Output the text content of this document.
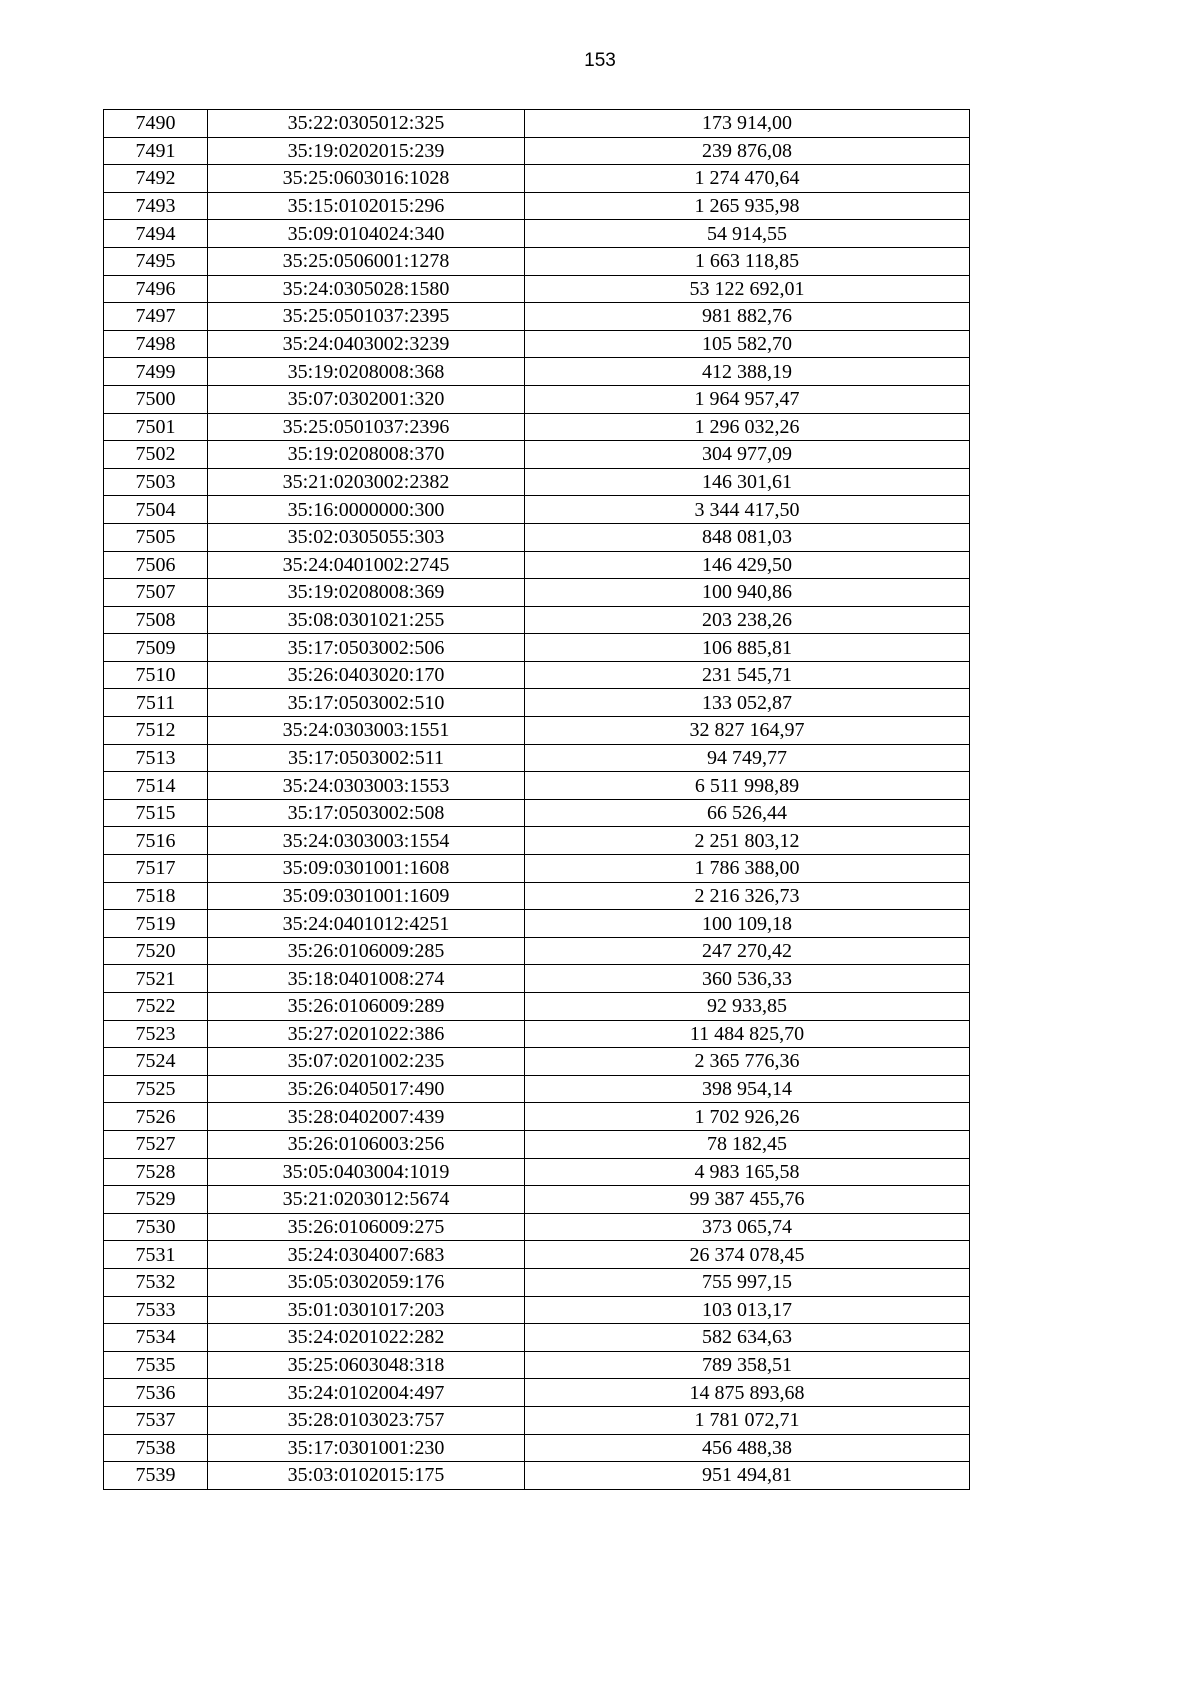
153
7490	35:22:0305012:325	173 914,00
7491	35:19:0202015:239	239 876,08
7492	35:25:0603016:1028	1 274 470,64
7493	35:15:0102015:296	1 265 935,98
7494	35:09:0104024:340	54 914,55
7495	35:25:0506001:1278	1 663 118,85
7496	35:24:0305028:1580	53 122 692,01
7497	35:25:0501037:2395	981 882,76
7498	35:24:0403002:3239	105 582,70
7499	35:19:0208008:368	412 388,19
7500	35:07:0302001:320	1 964 957,47
7501	35:25:0501037:2396	1 296 032,26
7502	35:19:0208008:370	304 977,09
7503	35:21:0203002:2382	146 301,61
7504	35:16:0000000:300	3 344 417,50
7505	35:02:0305055:303	848 081,03
7506	35:24:0401002:2745	146 429,50
7507	35:19:0208008:369	100 940,86
7508	35:08:0301021:255	203 238,26
7509	35:17:0503002:506	106 885,81
7510	35:26:0403020:170	231 545,71
7511	35:17:0503002:510	133 052,87
7512	35:24:0303003:1551	32 827 164,97
7513	35:17:0503002:511	94 749,77
7514	35:24:0303003:1553	6 511 998,89
7515	35:17:0503002:508	66 526,44
7516	35:24:0303003:1554	2 251 803,12
7517	35:09:0301001:1608	1 786 388,00
7518	35:09:0301001:1609	2 216 326,73
7519	35:24:0401012:4251	100 109,18
7520	35:26:0106009:285	247 270,42
7521	35:18:0401008:274	360 536,33
7522	35:26:0106009:289	92 933,85
7523	35:27:0201022:386	11 484 825,70
7524	35:07:0201002:235	2 365 776,36
7525	35:26:0405017:490	398 954,14
7526	35:28:0402007:439	1 702 926,26
7527	35:26:0106003:256	78 182,45
7528	35:05:0403004:1019	4 983 165,58
7529	35:21:0203012:5674	99 387 455,76
7530	35:26:0106009:275	373 065,74
7531	35:24:0304007:683	26 374 078,45
7532	35:05:0302059:176	755 997,15
7533	35:01:0301017:203	103 013,17
7534	35:24:0201022:282	582 634,63
7535	35:25:0603048:318	789 358,51
7536	35:24:0102004:497	14 875 893,68
7537	35:28:0103023:757	1 781 072,71
7538	35:17:0301001:230	456 488,38
7539	35:03:0102015:175	951 494,81
